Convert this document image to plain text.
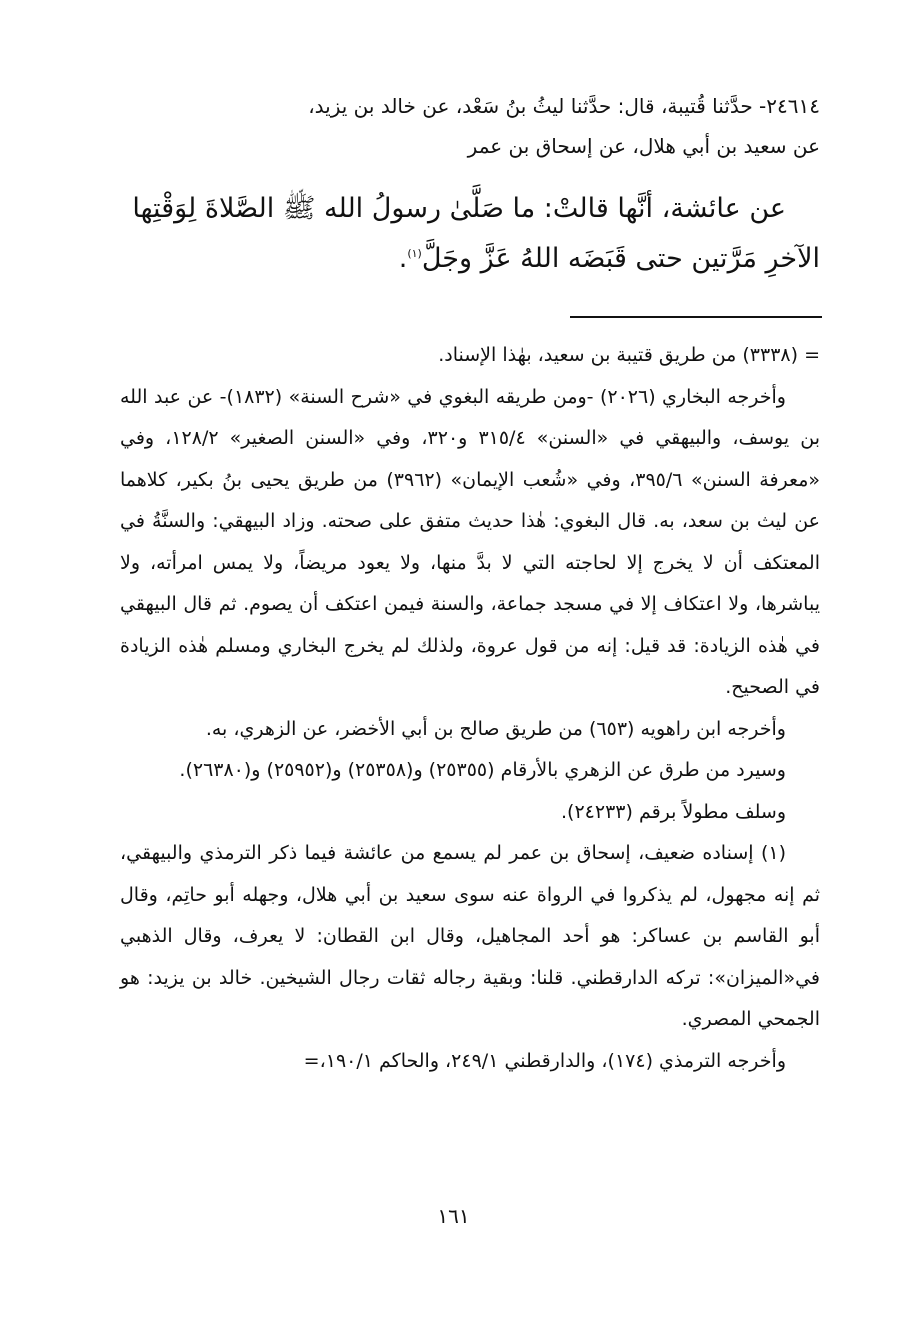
٢٤٦١٤- حدَّثنا قُتيبة، قال: حدَّثنا ليثُ بنُ سَعْد، عن خالد بن يزيد،
عن سعيد بن أبي هلال، عن إسحاق بن عمر
عن عائشة، أنَّها قالتْ: ما صَلَّىٰ رسولُ الله ﷺ الصَّلاةَ لِوَقْتِها
الآخرِ مَرَّتين حتى قَبَضَه اللهُ عَزَّ وجَلَّ$^{(١)}$.

= (٣٣٣٨) من طريق قتيبة بن سعيد، بهٰذا الإسناد.

وأخرجه البخاري (٢٠٢٦) -ومن طريقه البغوي في «شرح السنة» (١٨٣٢)- عن عبد الله بن يوسف، والبيهقي في «السنن» ٣١٥/٤ و٣٢٠، وفي «السنن الصغير» ١٢٨/٢، وفي «معرفة السنن» ٣٩٥/٦، وفي «شُعب الإيمان» (٣٩٦٢) من طريق يحيى بنُ بكير، كلاهما عن ليث بن سعد، به. قال البغوي: هٰذا حديث متفق على صحته. وزاد البيهقي: والسنَّةُ في المعتكف أن لا يخرج إلا لحاجته التي لا بدَّ منها، ولا يعود مريضاً، ولا يمس امرأته، ولا يباشرها، ولا اعتكاف إلا في مسجد جماعة، والسنة فيمن اعتكف أن يصوم. ثم قال البيهقي في هٰذه الزيادة: قد قيل: إنه من قول عروة، ولذلك لم يخرج البخاري ومسلم هٰذه الزيادة في الصحيح.

وأخرجه ابن راهويه (٦٥٣) من طريق صالح بن أبي الأخضر، عن الزهري، به.

وسيرد من طرق عن الزهري بالأرقام (٢٥٣٥٥) و(٢٥٣٥٨) و(٢٥٩٥٢) و(٢٦٣٨٠).

وسلف مطولاً برقم (٢٤٢٣٣).

(١) إسناده ضعيف، إسحاق بن عمر لم يسمع من عائشة فيما ذكر الترمذي والبيهقي، ثم إنه مجهول، لم يذكروا في الرواة عنه سوى سعيد بن أبي هلال، وجهله أبو حاتِم، وقال أبو القاسم بن عساكر: هو أحد المجاهيل، وقال ابن القطان: لا يعرف، وقال الذهبي في«الميزان»: تركه الدارقطني. قلنا: وبقية رجاله ثقات رجال الشيخين. خالد بن يزيد: هو الجمحي المصري.

وأخرجه الترمذي (١٧٤)، والدارقطني ٢٤٩/١، والحاكم ١٩٠/١،=

١٦١
